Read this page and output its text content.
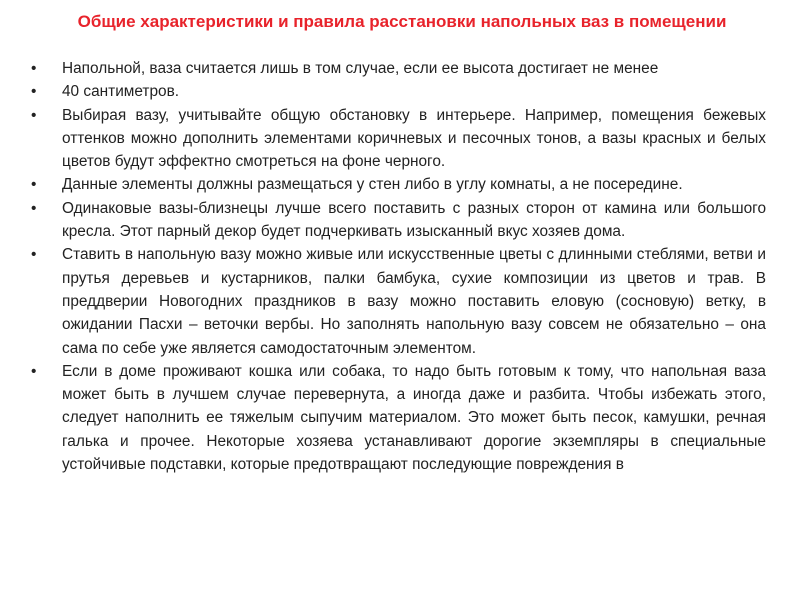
Общие характеристики и правила расстановки напольных ваз в помещении
• Напольной, ваза считается лишь в том случае, если ее высота достигает не менее
• 40 сантиметров.
• Выбирая вазу, учитывайте общую обстановку в интерьере. Например, помещения бежевых оттенков можно дополнить элементами коричневых и песочных тонов, а вазы красных и белых цветов будут эффектно смотреться на фоне черного.
• Данные элементы должны размещаться у стен либо в углу комнаты, а не посередине.
• Одинаковые вазы-близнецы лучше всего поставить с разных сторон от камина или большого кресла. Этот парный декор будет подчеркивать изысканный вкус хозяев дома.
• Ставить в напольную вазу можно живые или искусственные цветы с длинными стеблями, ветви и прутья деревьев и кустарников, палки бамбука, сухие композиции из цветов и трав. В преддверии Новогодних праздников в вазу можно поставить еловую (сосновую) ветку, в ожидании Пасхи – веточки вербы. Но заполнять напольную вазу совсем не обязательно – она сама по себе уже является самодостаточным элементом.
• Если в доме проживают кошка или собака, то надо быть готовым к тому, что напольная ваза может быть в лучшем случае перевернута, а иногда даже и разбита. Чтобы избежать этого, следует наполнить ее тяжелым сыпучим материалом. Это может быть песок, камушки, речная галька и прочее. Некоторые хозяева устанавливают дорогие экземпляры в специальные устойчивые подставки, которые предотвращают последующие повреждения в
